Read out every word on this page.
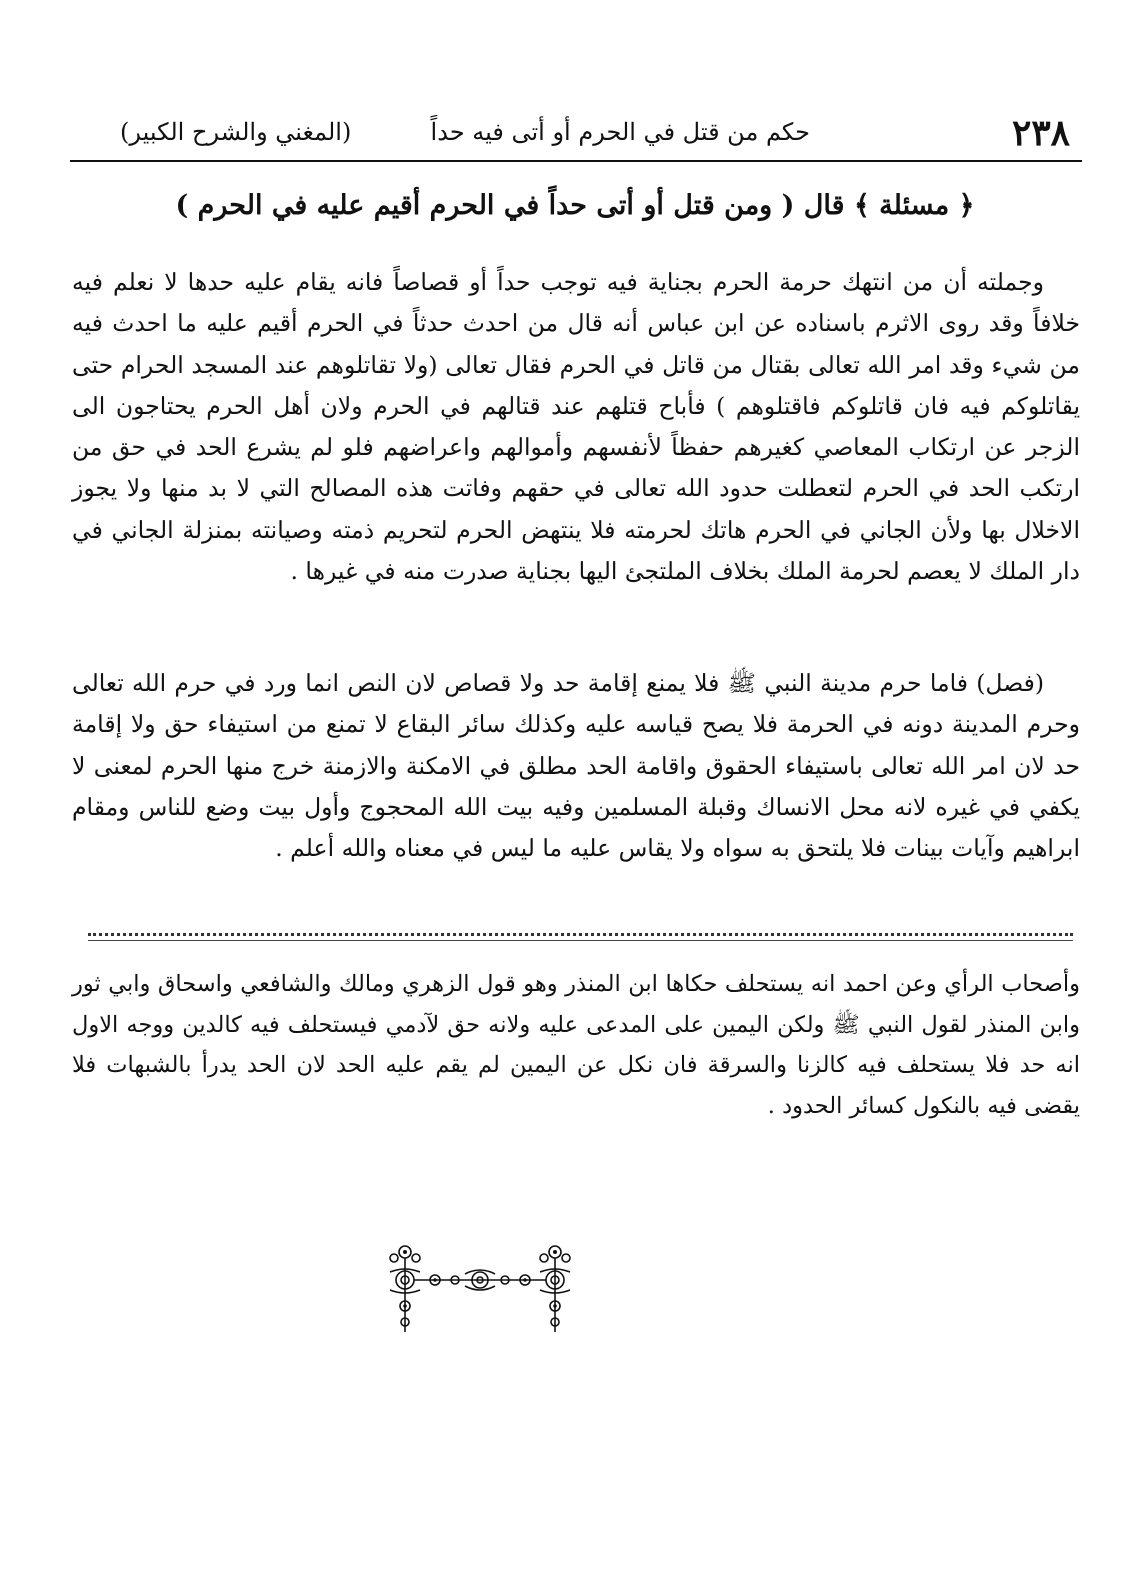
٢٣٨
حكم من قتل في الحرم أو أتى فيه حداً
(المغني والشرح الكبير)
﴿ مسئلة ﴾ قال ( ومن قتل أو أتى حداً في الحرم أقيم عليه في الحرم )
وجملته أن من انتهك حرمة الحرم بجناية فيه توجب حداً أو قصاصاً فانه يقام عليه حدها لا نعلم فيه خلافاً وقد روى الاثرم باسناده عن ابن عباس أنه قال من احدث حدثاً في الحرم أقيم عليه ما احدث فيه من شيء وقد امر الله تعالى بقتال من قاتل في الحرم فقال تعالى (ولا تقاتلوهم عند المسجد الحرام حتى يقاتلوكم فيه فان قاتلوكم فاقتلوهم ) فأباح قتلهم عند قتالهم في الحرم ولان أهل الحرم يحتاجون الى الزجر عن ارتكاب المعاصي كغيرهم حفظاً لأنفسهم وأموالهم واعراضهم فلو لم يشرع الحد في حق من ارتكب الحد في الحرم لتعطلت حدود الله تعالى في حقهم وفاتت هذه المصالح التي لا بد منها ولا يجوز الاخلال بها ولأن الجاني في الحرم هاتك لحرمته فلا ينتهض الحرم لتحريم ذمته وصيانته بمنزلة الجاني في دار الملك لا يعصم لحرمة الملك بخلاف الملتجئ اليها بجناية صدرت منه في غيرها .
(فصل) فاما حرم مدينة النبي ﷺ فلا يمنع إقامة حد ولا قصاص لان النص انما ورد في حرم الله تعالى وحرم المدينة دونه في الحرمة فلا يصح قياسه عليه وكذلك سائر البقاع لا تمنع من استيفاء حق ولا إقامة حد لان امر الله تعالى باستيفاء الحقوق واقامة الحد مطلق في الامكنة والازمنة خرج منها الحرم لمعنى لا يكفي في غيره لانه محل الانساك وقبلة المسلمين وفيه بيت الله المحجوج وأول بيت وضع للناس ومقام ابراهيم وآيات بينات فلا يلتحق به سواه ولا يقاس عليه ما ليس في معناه والله أعلم .
وأصحاب الرأي وعن احمد انه يستحلف حكاها ابن المنذر وهو قول الزهري ومالك والشافعي واسحاق وابي ثور وابن المنذر لقول النبي ﷺ ولكن اليمين على المدعى عليه ولانه حق لآدمي فيستحلف فيه كالدين ووجه الاول انه حد فلا يستحلف فيه كالزنا والسرقة فان نكل عن اليمين لم يقم عليه الحد لان الحد يدرأ بالشبهات فلا يقضى فيه بالنكول كسائر الحدود .
